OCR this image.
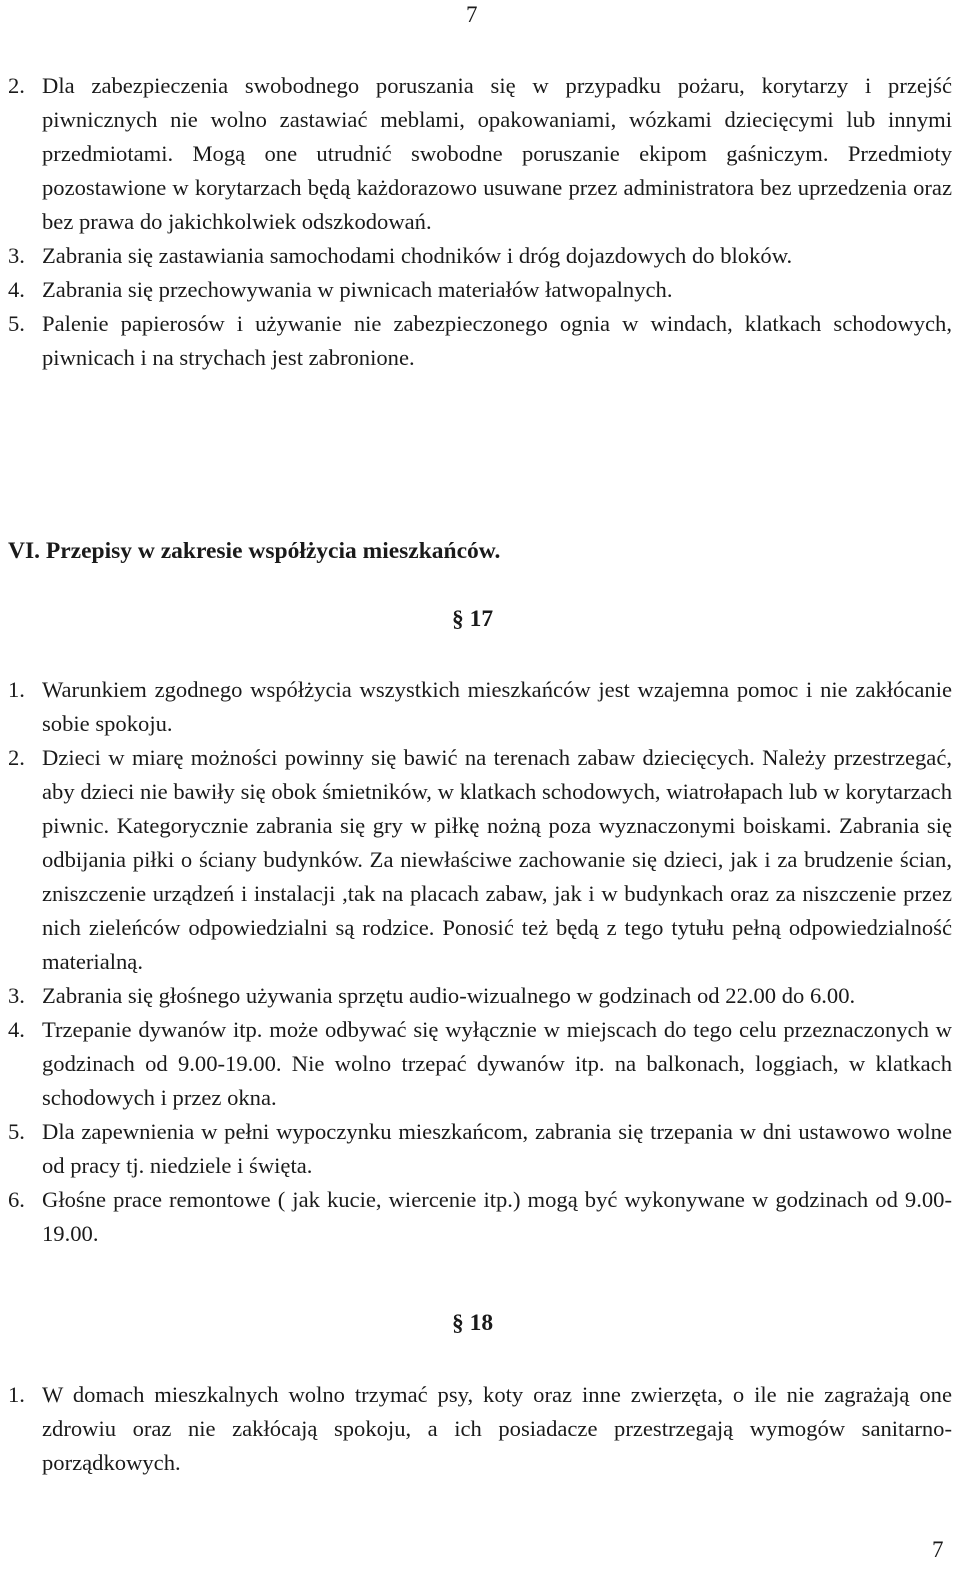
7
2. Dla zabezpieczenia swobodnego poruszania się w przypadku pożaru, korytarzy i przejść piwnicznych nie wolno zastawiać meblami, opakowaniami, wózkami dziecięcymi lub innymi przedmiotami. Mogą one utrudnić swobodne poruszanie ekipom gaśniczym. Przedmioty pozostawione w korytarzach będą każdorazowo usuwane przez administratora bez uprzedzenia oraz bez prawa do jakichkolwiek odszkodowań.
3. Zabrania się zastawiania samochodami chodników i dróg dojazdowych do bloków.
4. Zabrania się przechowywania w piwnicach materiałów łatwopalnych.
5. Palenie papierosów i używanie nie zabezpieczonego ognia w windach, klatkach schodowych, piwnicach i na strychach jest zabronione.
VI. Przepisy w zakresie współżycia mieszkańców.
§ 17
1. Warunkiem zgodnego współżycia wszystkich mieszkańców jest wzajemna pomoc i nie zakłócanie sobie spokoju.
2. Dzieci w miarę możności powinny się bawić na terenach zabaw dziecięcych. Należy przestrzegać, aby dzieci nie bawiły się obok śmietników, w klatkach schodowych, wiatrołapach lub w korytarzach piwnic. Kategorycznie zabrania się gry w piłkę nożną poza wyznaczonymi boiskami. Zabrania się odbijania piłki o ściany budynków. Za niewłaściwe zachowanie się dzieci, jak i za brudzenie ścian, zniszczenie urządzeń i instalacji ,tak na placach zabaw, jak i w budynkach oraz za niszczenie przez nich zieleńców odpowiedzialni są rodzice. Ponosić też będą z tego tytułu pełną odpowiedzialność materialną.
3. Zabrania się głośnego używania sprzętu audio-wizualnego w godzinach od 22.00 do 6.00.
4. Trzepanie dywanów itp. może odbywać się wyłącznie w miejscach do tego celu przeznaczonych w godzinach od 9.00-19.00. Nie wolno trzepać dywanów itp. na balkonach, loggiach, w klatkach schodowych i przez okna.
5. Dla zapewnienia w pełni wypoczynku mieszkańcom, zabrania się trzepania w dni ustawowo wolne od pracy tj. niedziele i święta.
6. Głośne prace remontowe ( jak kucie, wiercenie itp.) mogą być wykonywane w godzinach od 9.00-19.00.
§ 18
1. W domach mieszkalnych wolno trzymać psy, koty oraz inne zwierzęta, o ile nie zagrażają one zdrowiu oraz nie zakłócają spokoju, a ich posiadacze przestrzegają wymogów sanitarno-porządkowych.
7
